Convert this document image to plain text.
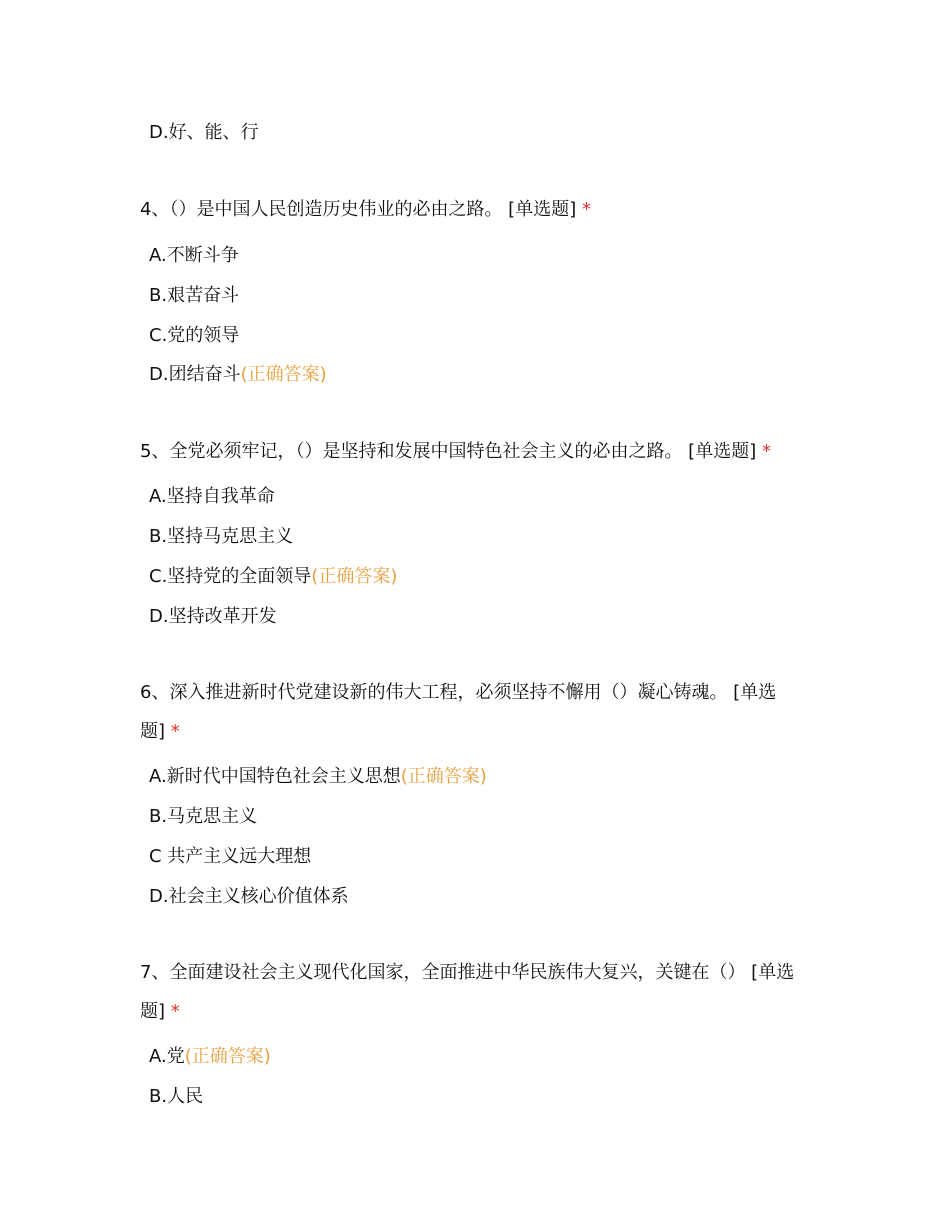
D.好、能、行
4、（）是中国人民创造历史伟业的必由之路。 [单选题] *
A.不断斗争
B.艰苦奋斗
C.党的领导
D.团结奋斗(正确答案)
5、全党必须牢记，（）是坚持和发展中国特色社会主义的必由之路。 [单选题] *
A.坚持自我革命
B.坚持马克思主义
C.坚持党的全面领导(正确答案)
D.坚持改革开发
6、深入推进新时代党建设新的伟大工程，必须坚持不懈用（）凝心铸魂。 [单选题] *
A.新时代中国特色社会主义思想(正确答案)
B.马克思主义
C 共产主义远大理想
D.社会主义核心价值体系
7、全面建设社会主义现代化国家，全面推进中华民族伟大复兴，关键在（） [单选题] *
A.党(正确答案)
B.人民
